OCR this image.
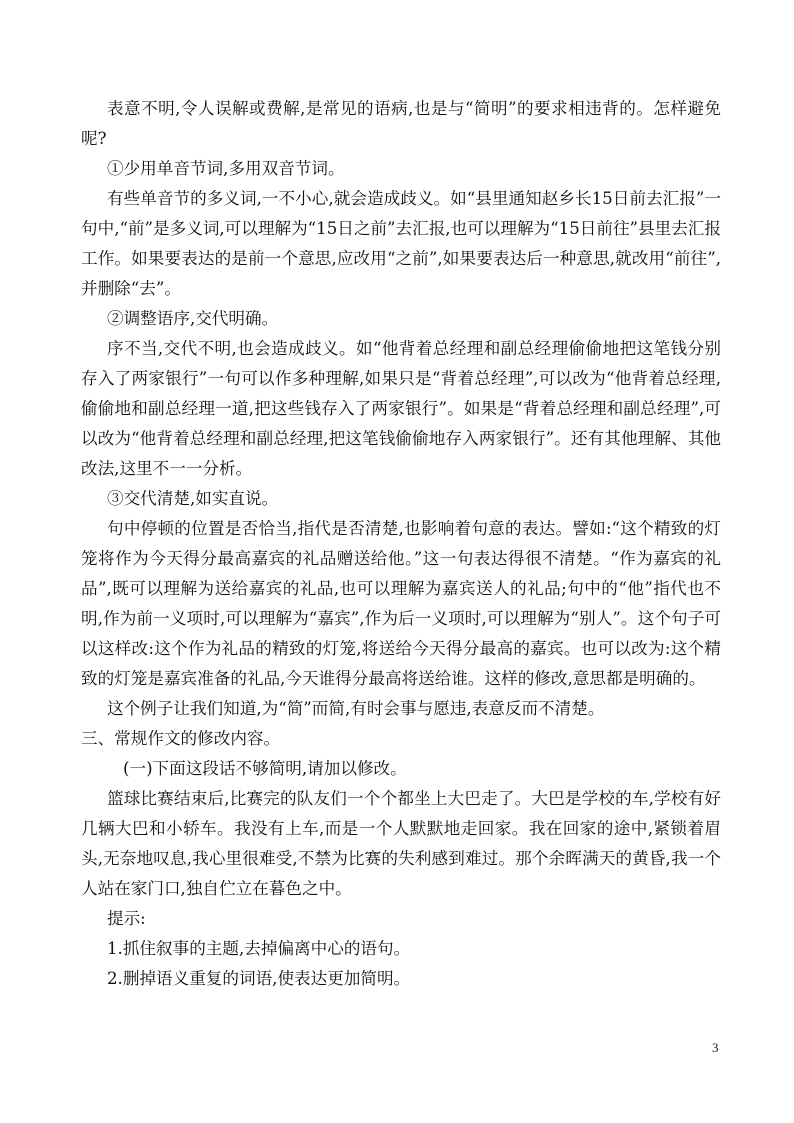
表意不明,令人误解或费解,是常见的语病,也是与“简明”的要求相违背的。怎样避免呢?

①少用单音节词,多用双音节词。

有些单音节的多义词,一不小心,就会造成歧义。如“县里通知赵乡长15日前去汇报”一句中,“前”是多义词,可以理解为“15日之前”去汇报,也可以理解为“15日前往”县里去汇报工作。如果要表达的是前一个意思,应改用“之前”,如果要表达后一种意思,就改用“前往”,并删除“去”。

②调整语序,交代明确。

序不当,交代不明,也会造成歧义。如“他背着总经理和副总经理偷偷地把这笔钱分别存入了两家银行”一句可以作多种理解,如果只是“背着总经理”,可以改为“他背着总经理,偷偷地和副总经理一道,把这些钱存入了两家银行”。如果是“背着总经理和副总经理”,可以改为“他背着总经理和副总经理,把这笔钱偷偷地存入两家银行”。还有其他理解、其他改法,这里不一一分析。

③交代清楚,如实直说。

句中停顿的位置是否恰当,指代是否清楚,也影响着句意的表达。譬如:“这个精致的灯笼将作为今天得分最高嘉宾的礼品赠送给他。”这一句表达得很不清楚。“作为嘉宾的礼品”,既可以理解为送给嘉宾的礼品,也可以理解为嘉宾送人的礼品;句中的“他”指代也不明,作为前一义项时,可以理解为“嘉宾”,作为后一义项时,可以理解为“别人”。这个句子可以这样改:这个作为礼品的精致的灯笼,将送给今天得分最高的嘉宾。也可以改为:这个精致的灯笼是嘉宾准备的礼品,今天谁得分最高将送给谁。这样的修改,意思都是明确的。

这个例子让我们知道,为“简”而简,有时会事与愿违,表意反而不清楚。

三、常规作文的修改内容。

(一)下面这段话不够简明,请加以修改。

篮球比赛结束后,比赛完的队友们一个个都坐上大巴走了。大巴是学校的车,学校有好几辆大巴和小轿车。我没有上车,而是一个人默默地走回家。我在回家的途中,紧锁着眉头,无奈地叹息,我心里很难受,不禁为比赛的失利感到难过。那个余晖满天的黄昏,我一个人站在家门口,独自伫立在暮色之中。

提示:

1.抓住叙事的主题,去掉偏离中心的语句。

2.删掉语义重复的词语,使表达更加简明。

3
